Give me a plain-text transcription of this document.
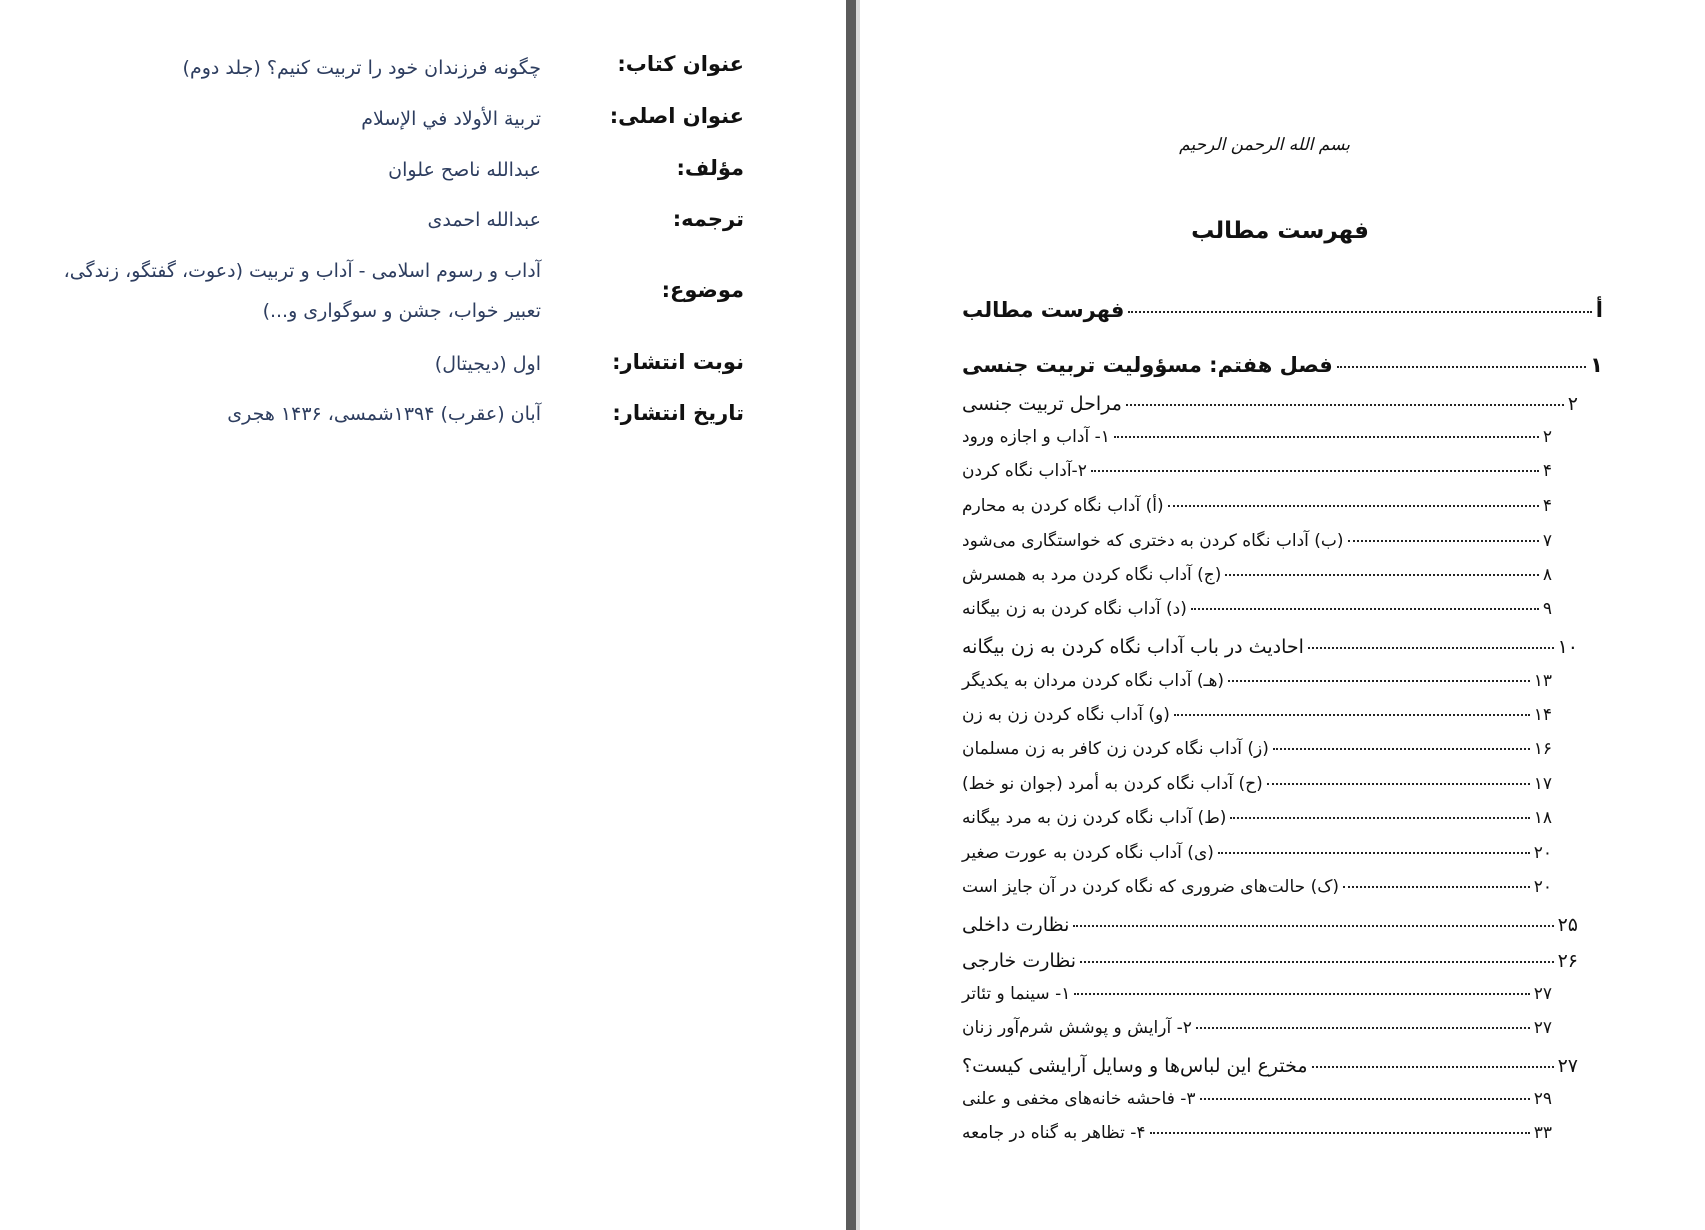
عنوان کتاب:
چگونه فرزندان خود را تربیت کنیم؟ (جلد دوم)
عنوان اصلی:
تربية الأولاد في الإسلام
مؤلف:
عبدالله ناصح علوان
ترجمه:
عبدالله احمدی
موضوع:
آداب و رسوم اسلامی - آداب و تربیت (دعوت، گفتگو، زندگی،
تعبیر خواب، جشن و سوگواری و...)
نوبت انتشار:
اول (دیجیتال)
تاریخ انتشار:
آبان (عقرب) ۱۳۹۴شمسی، ۱۴۳۶ هجری
بسم الله الرحمن الرحیم
فهرست مطالب
فهرست مطالب	أ
فصل هفتم: مسؤولیت تربیت جنسی	۱
مراحل تربیت جنسی	۲
۱- آداب و اجازه ورود	۲
۲-آداب نگاه کردن	۴
(أ) آداب نگاه کردن به محارم	۴
(ب) آداب نگاه کردن به دختری که خواستگاری می‌شود	۷
(ج) آداب نگاه کردن مرد به همسرش	۸
(د) آداب نگاه کردن به زن بیگانه	۹
احادیث در باب آداب نگاه کردن به زن بیگانه	۱۰
(هـ) آداب نگاه کردن مردان به یکدیگر	۱۳
(و) آداب نگاه کردن زن به زن	۱۴
(ز) آداب نگاه کردن زن کافر به زن مسلمان	۱۶
(ح) آداب نگاه کردن به أمرد (جوان نو خط)	۱۷
(ط) آداب نگاه کردن زن به مرد بیگانه	۱۸
(ی) آداب نگاه کردن به عورت صغیر	۲۰
(ک) حالت‌های ضروری که نگاه کردن در آن جایز است	۲۰
نظارت داخلی	۲۵
نظارت خارجی	۲۶
۱- سینما و تئاتر	۲۷
۲- آرایش و پوشش شرم‌آور زنان	۲۷
مخترع این لباس‌ها و وسایل آرایشی کیست؟	۲۷
۳- فاحشه خانه‌های مخفی و علنی	۲۹
۴- تظاهر به گناه در جامعه	۳۳
